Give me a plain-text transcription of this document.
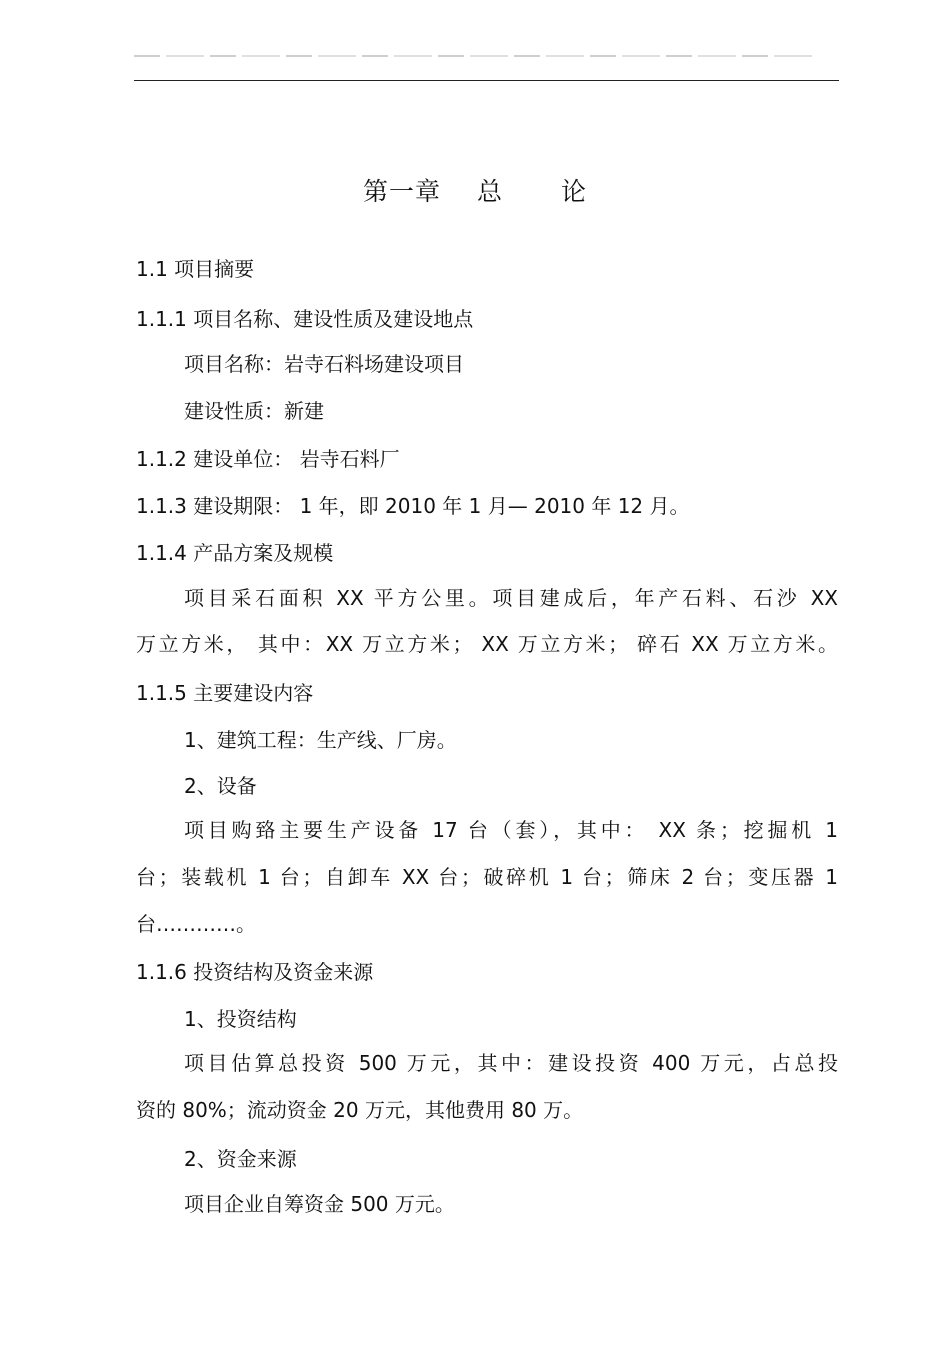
第一章 总 论
1.1 项目摘要
1.1.1 项目名称、建设性质及建设地点
项目名称：岩寺石料场建设项目
建设性质：新建
1.1.2 建设单位： 岩寺石料厂
1.1.3 建设期限： 1 年，即 2010 年 1 月— 2010 年 12 月。
1.1.4 产品方案及规模
项目采石面积 XX 平方公里。项目建成后，年产石料、石沙 XX
万立方米， 其中：XX 万立方米； XX 万立方米； 碎石 XX 万立方米。
1.1.5 主要建设内容
1、建筑工程：生产线、厂房。
2、设备
项目购臵主要生产设备 17 台（套），其中： XX 条；挖掘机 1
台；装载机 1 台；自卸车 XX 台；破碎机 1 台；筛床 2 台；变压器 1
台…………。
1.1.6 投资结构及资金来源
1、投资结构
项目估算总投资 500 万元，其中：建设投资 400 万元，占总投
资的 80%；流动资金 20 万元，其他费用 80 万。
2、资金来源
项目企业自筹资金 500 万元。
